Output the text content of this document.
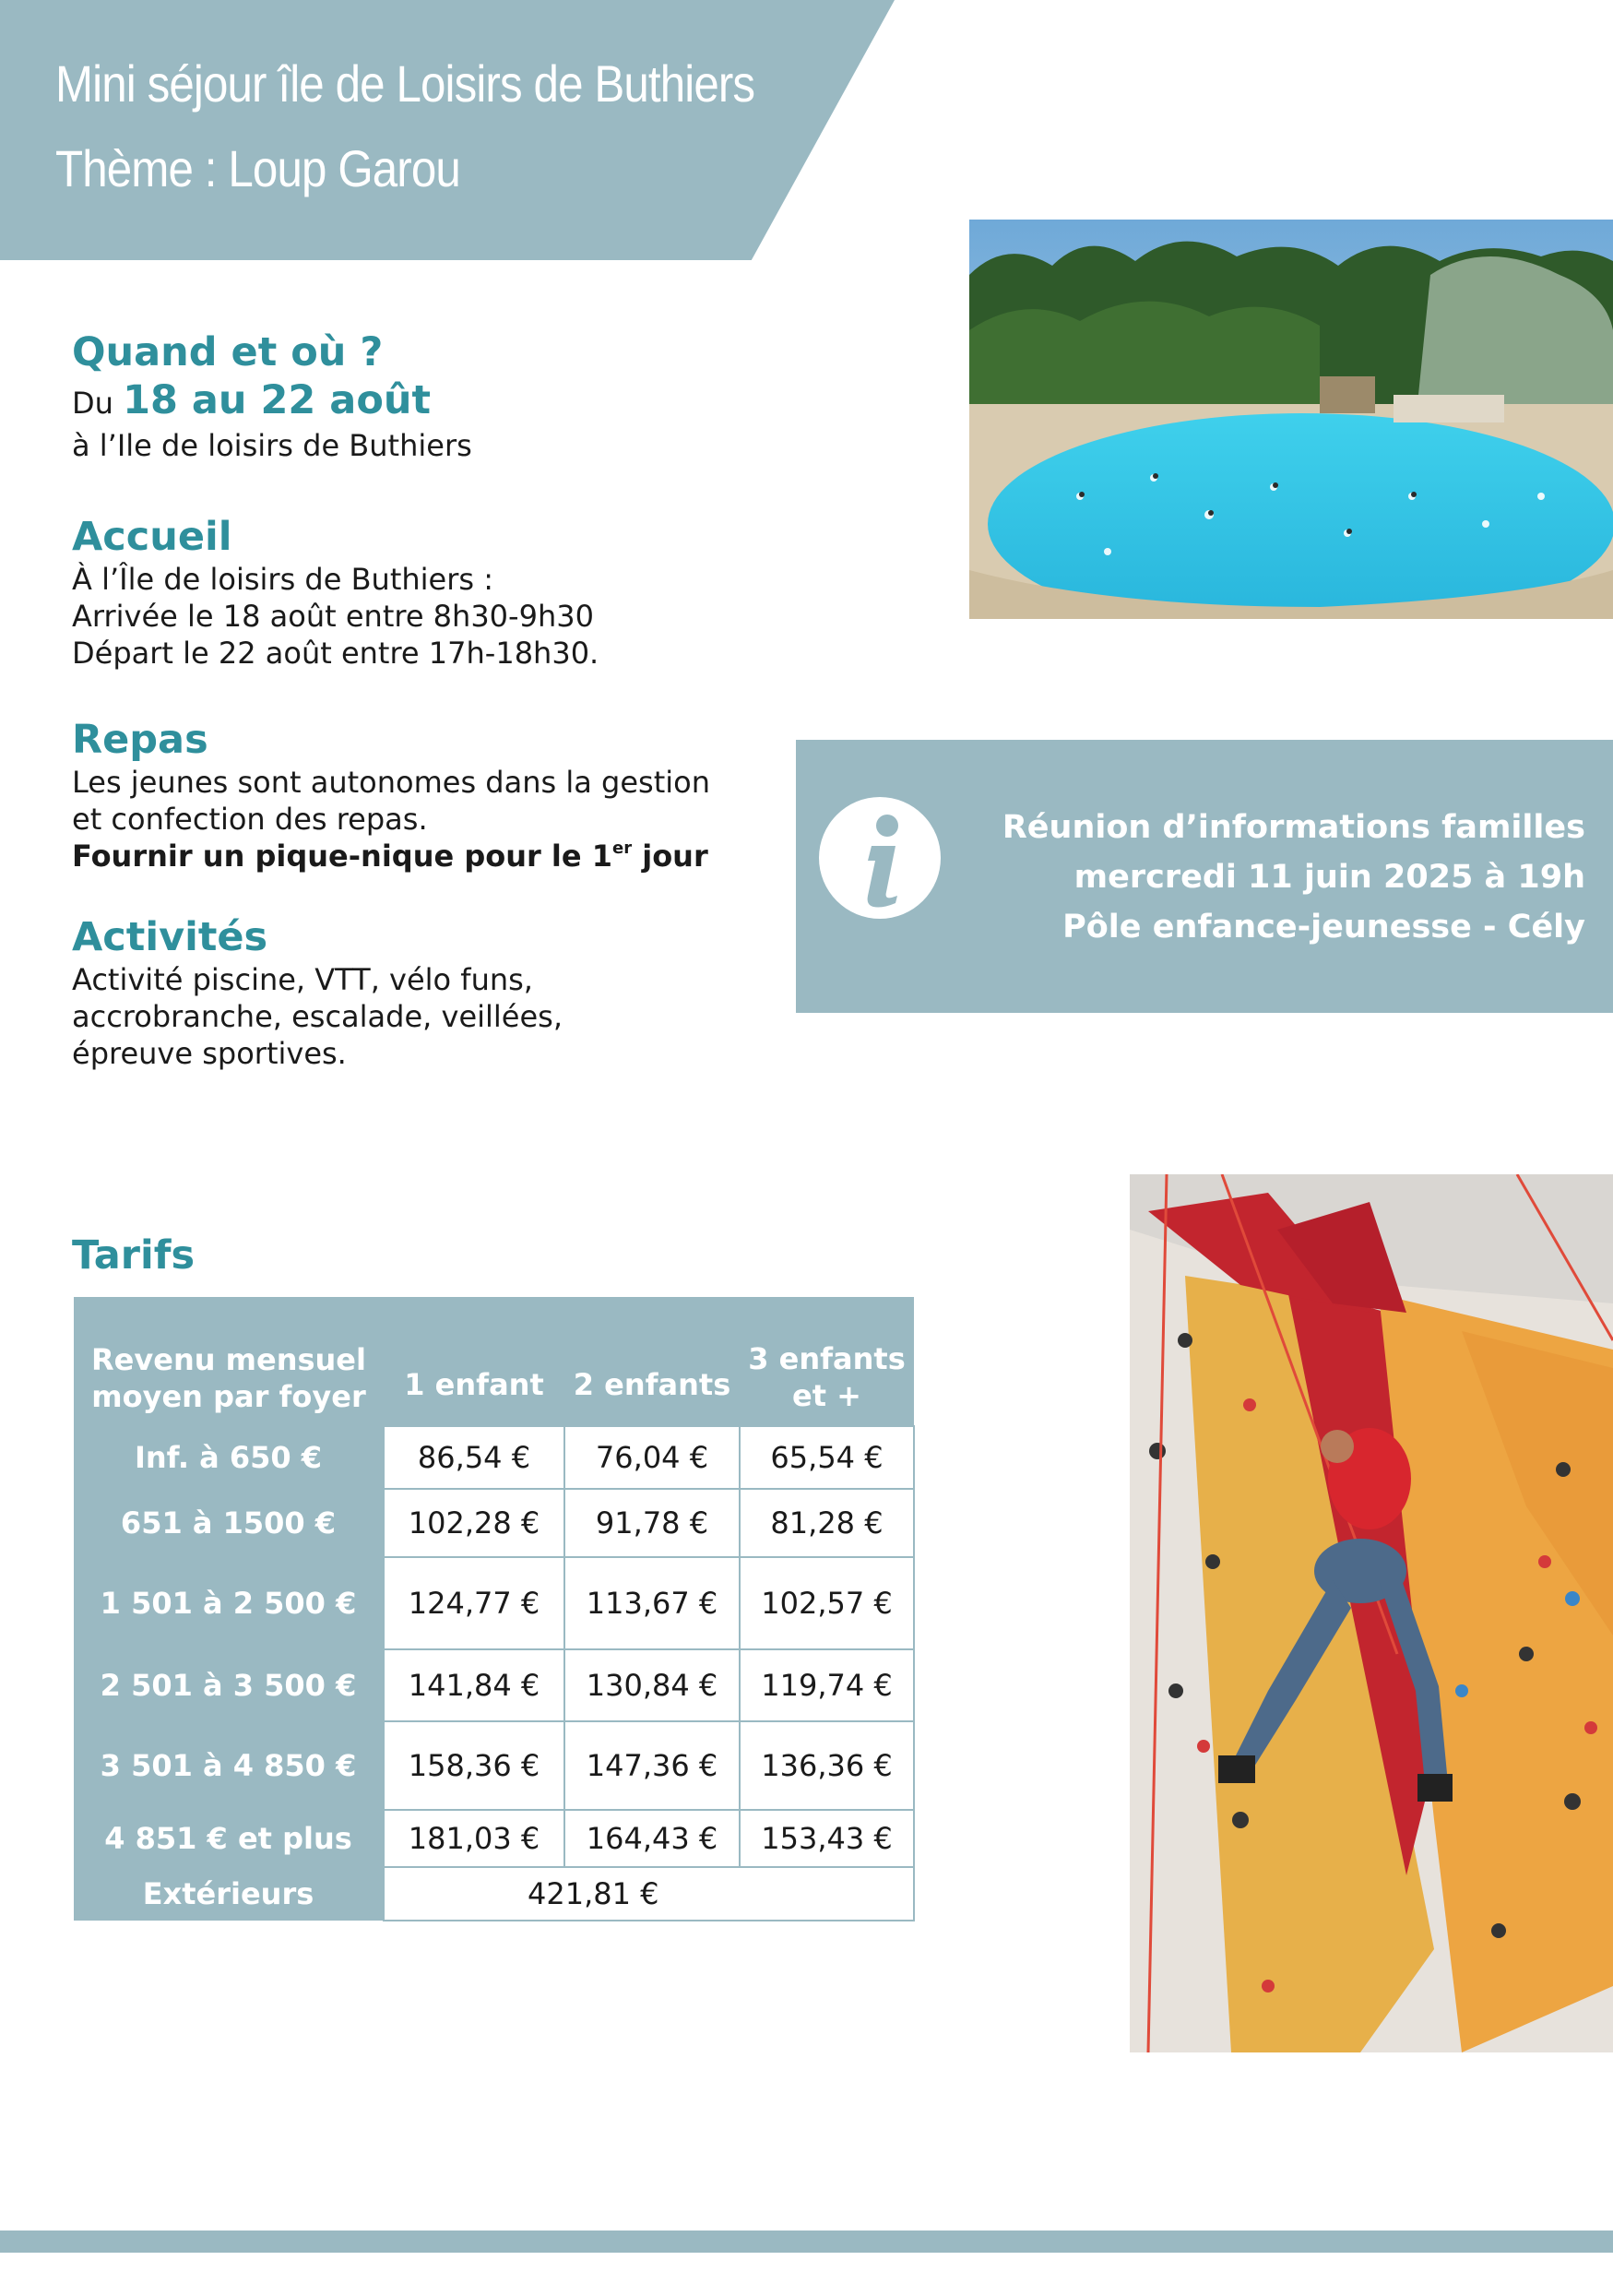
Mini séjour île de Loisirs de Buthiers
Thème : Loup Garou
Quand et où ?
Du 18 au 22 août
à l’Ile de loisirs de Buthiers
Accueil
À l’Île de loisirs de Buthiers :
Arrivée le 18 août entre 8h30-9h30
Départ le 22 août entre 17h-18h30.
Repas
Les jeunes sont autonomes dans la gestion
et confection des repas.
Fournir un pique-nique pour le 1er jour
Activités
Activité piscine, VTT, vélo funs,
accrobranche, escalade, veillées,
épreuve sportives.
Réunion d’informations familles
mercredi 11 juin 2025 à 19h
Pôle enfance-jeunesse - Cély
Tarifs
Revenu mensuel moyen par foyer	1 enfant	2 enfants	3 enfants et +
Inf. à 650 €	86,54 €	76,04 €	65,54 €
651 à 1500 €	102,28 €	91,78 €	81,28 €
1 501 à 2 500 €	124,77 €	113,67 €	102,57 €
2 501 à 3 500 €	141,84 €	130,84 €	119,74 €
3 501 à 4 850 €	158,36 €	147,36 €	136,36 €
4 851 € et plus	181,03 €	164,43 €	153,43 €
Extérieurs	421,81 €		
